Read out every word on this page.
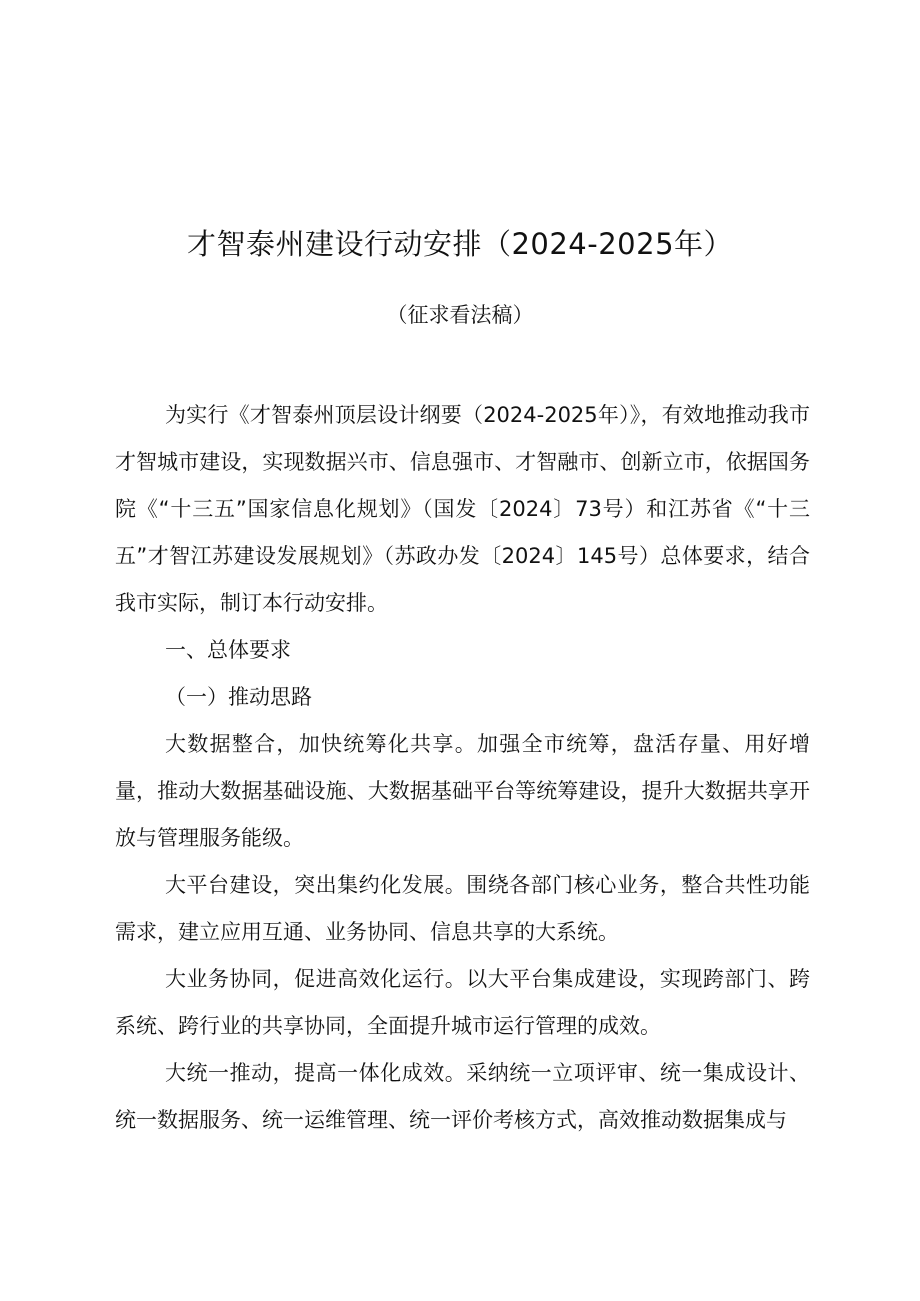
才智泰州建设行动安排（2024-2025年）
（征求看法稿）

为实行《才智泰州顶层设计纲要（2024-2025年）》，有效地推动我市才智城市建设，实现数据兴市、信息强市、才智融市、创新立市，依据国务院《“十三五”国家信息化规划》（国发〔2024〕73号）和江苏省《“十三五”才智江苏建设发展规划》（苏政办发〔2024〕145号）总体要求，结合我市实际，制订本行动安排。

一、总体要求

（一）推动思路

大数据整合，加快统筹化共享。加强全市统筹，盘活存量、用好增量，推动大数据基础设施、大数据基础平台等统筹建设，提升大数据共享开放与管理服务能级。

大平台建设，突出集约化发展。围绕各部门核心业务，整合共性功能需求，建立应用互通、业务协同、信息共享的大系统。

大业务协同，促进高效化运行。以大平台集成建设，实现跨部门、跨系统、跨行业的共享协同，全面提升城市运行管理的成效。

大统一推动，提高一体化成效。采纳统一立项评审、统一集成设计、统一数据服务、统一运维管理、统一评价考核方式，高效推动数据集成与
